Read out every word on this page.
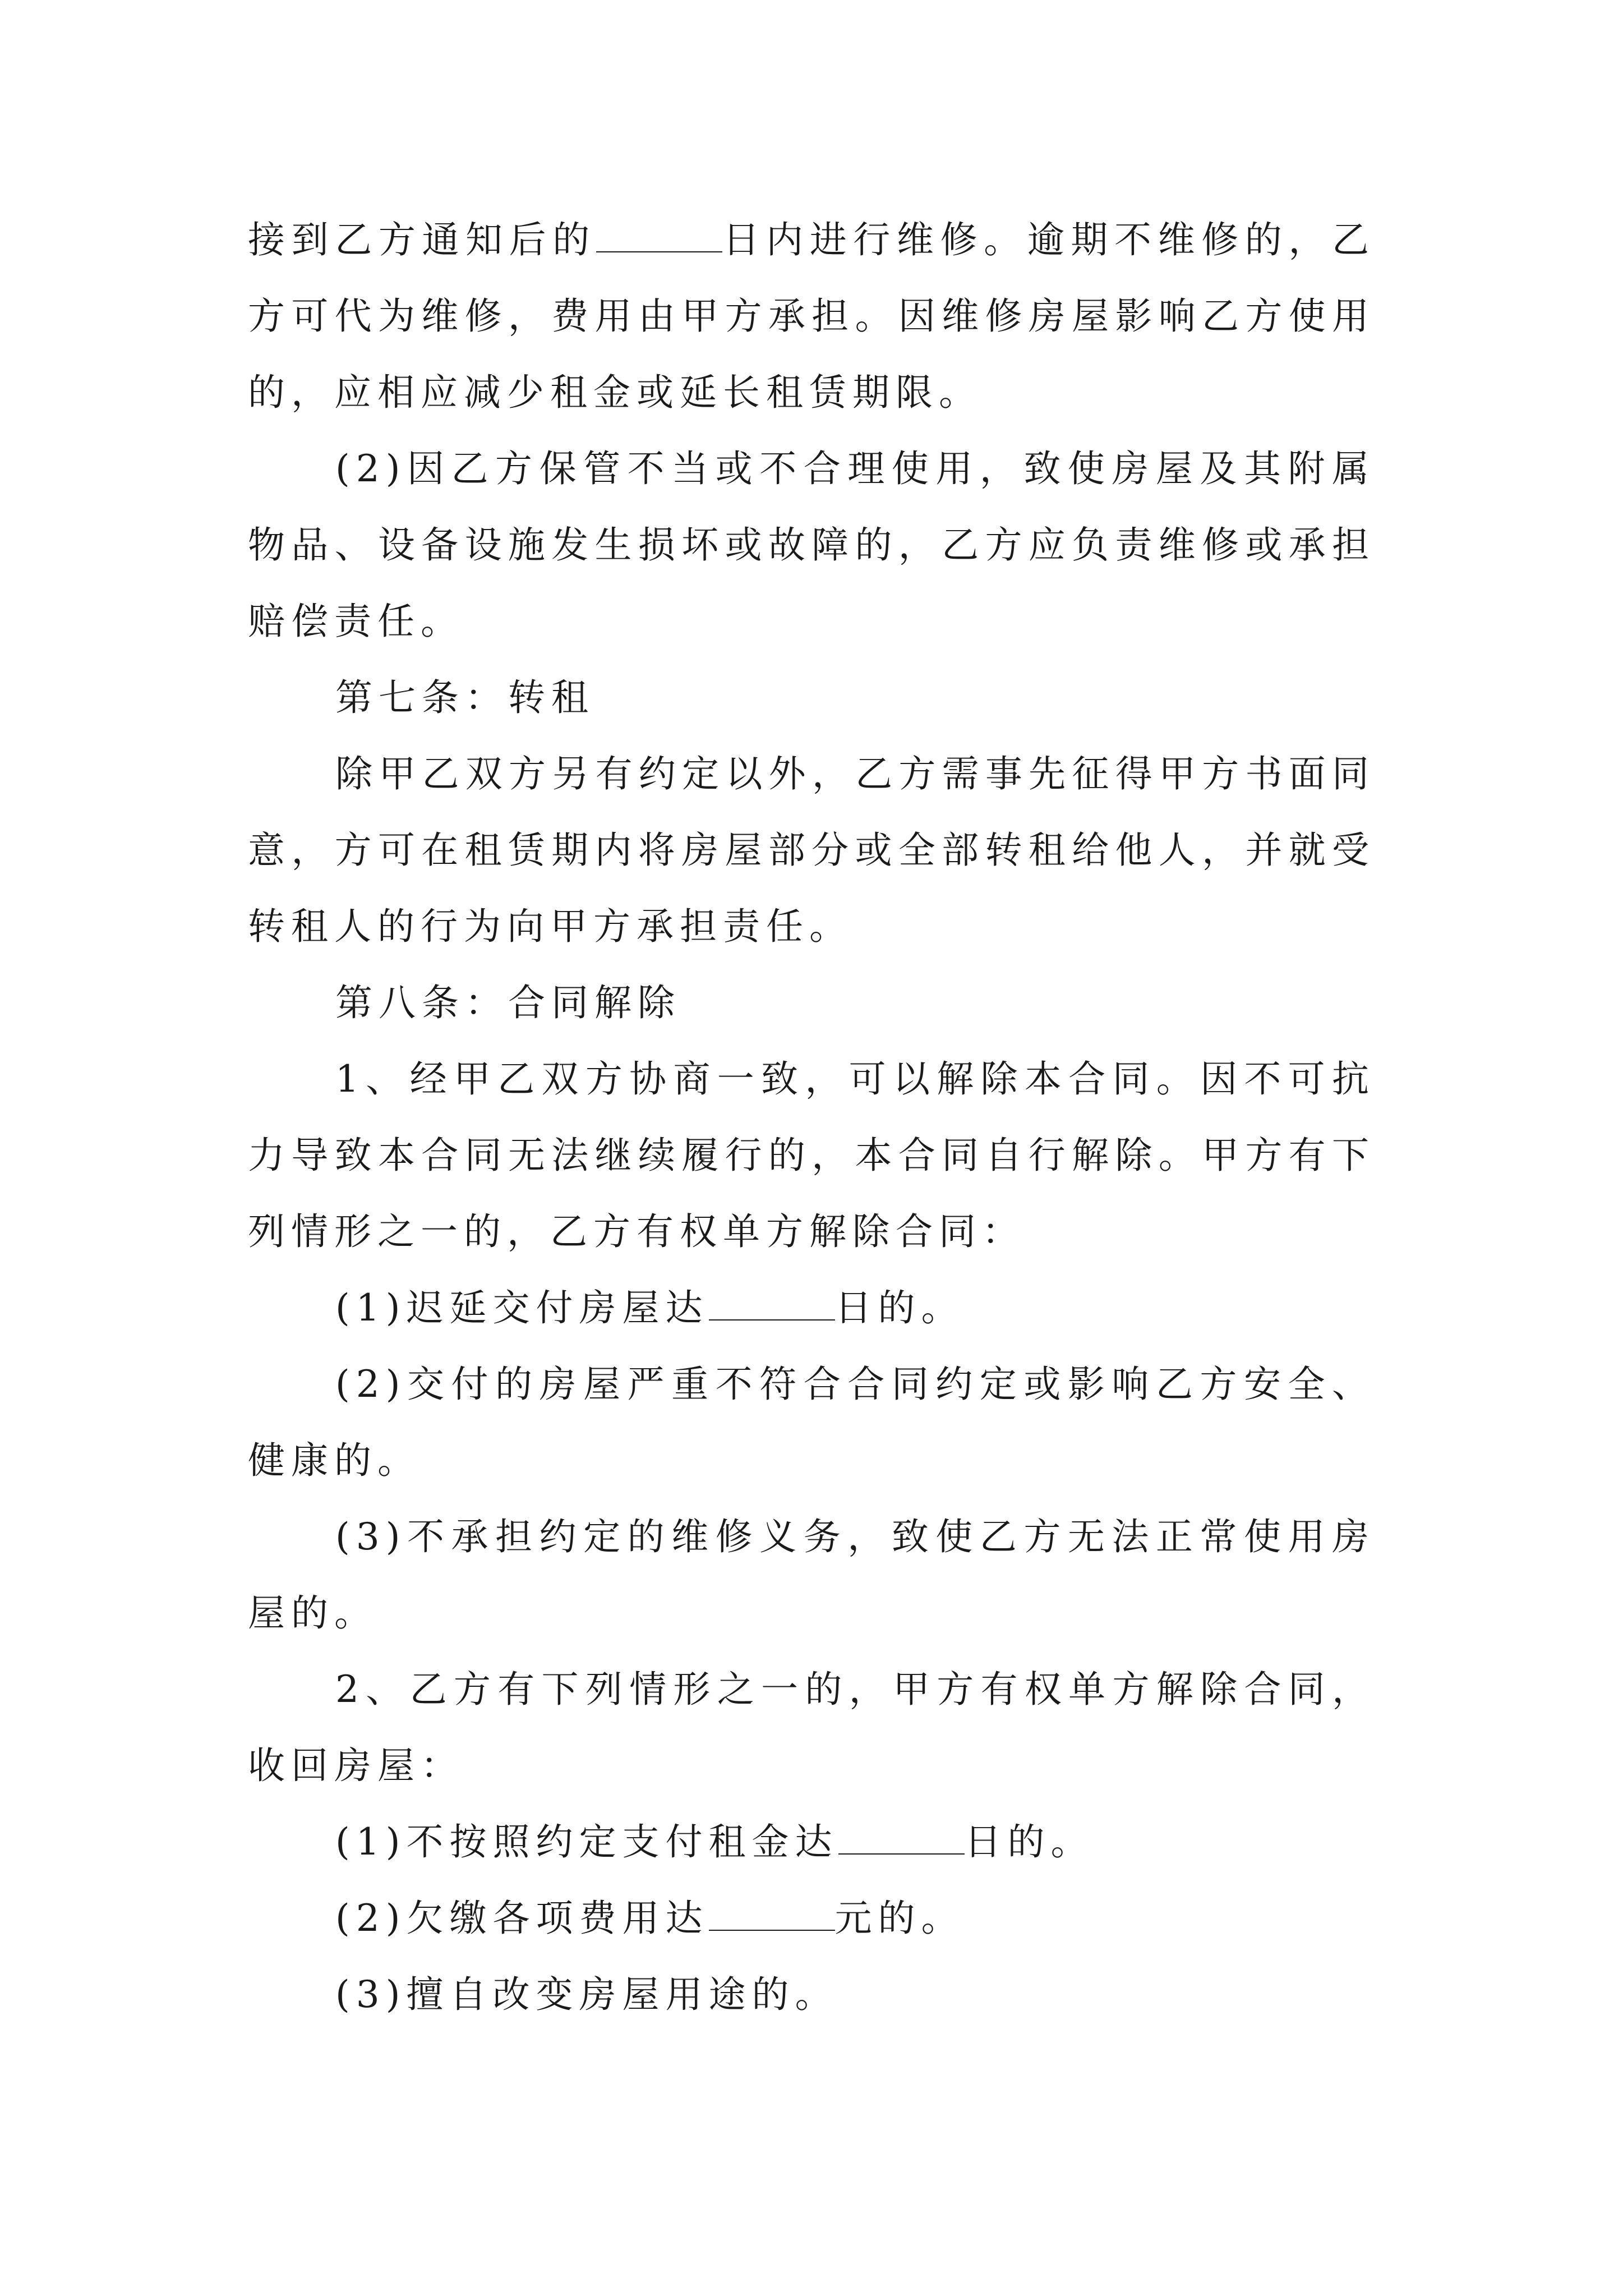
接到乙方通知后的	日内进行维修。逾期不维修的，乙方可代为维修，费用由甲方承担。因维修房屋影响乙方使用的，应相应减少租金或延长租赁期限。

(2)因乙方保管不当或不合理使用，致使房屋及其附属物品、设备设施发生损坏或故障的，乙方应负责维修或承担赔偿责任。

第七条：转租

除甲乙双方另有约定以外，乙方需事先征得甲方书面同意，方可在租赁期内将房屋部分或全部转租给他人，并就受转租人的行为向甲方承担责任。

第八条：合同解除

1、经甲乙双方协商一致，可以解除本合同。因不可抗力导致本合同无法继续履行的，本合同自行解除。甲方有下列情形之一的，乙方有权单方解除合同：

(1)迟延交付房屋达	日的。

(2)交付的房屋严重不符合合同约定或影响乙方安全、健康的。

(3)不承担约定的维修义务，致使乙方无法正常使用房屋的。

2、乙方有下列情形之一的，甲方有权单方解除合同，收回房屋：

(1)不按照约定支付租金达	日的。

(2)欠缴各项费用达	元的。

(3)擅自改变房屋用途的。
